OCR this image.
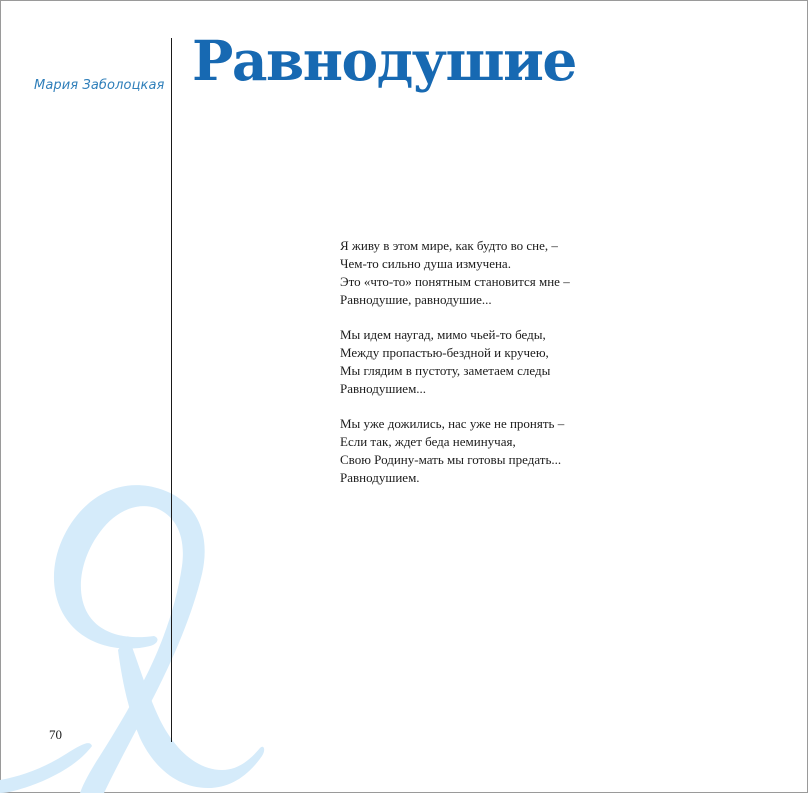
Мария Заболоцкая Равнодушие

Я живу в этом мире, как будто во сне, –
Чем-то сильно душа измучена.
Это «что-то» понятным становится мне –
Равнодушие, равнодушие...

Мы идем наугад, мимо чьей-то беды,
Между пропастью-бездной и кручею,
Мы глядим в пустоту, заметаем следы
Равнодушием...

Мы уже дожились, нас уже не пронять –
Если так, ждет беда неминучая,
Свою Родину-мать мы готовы предать...
Равнодушием.

70
